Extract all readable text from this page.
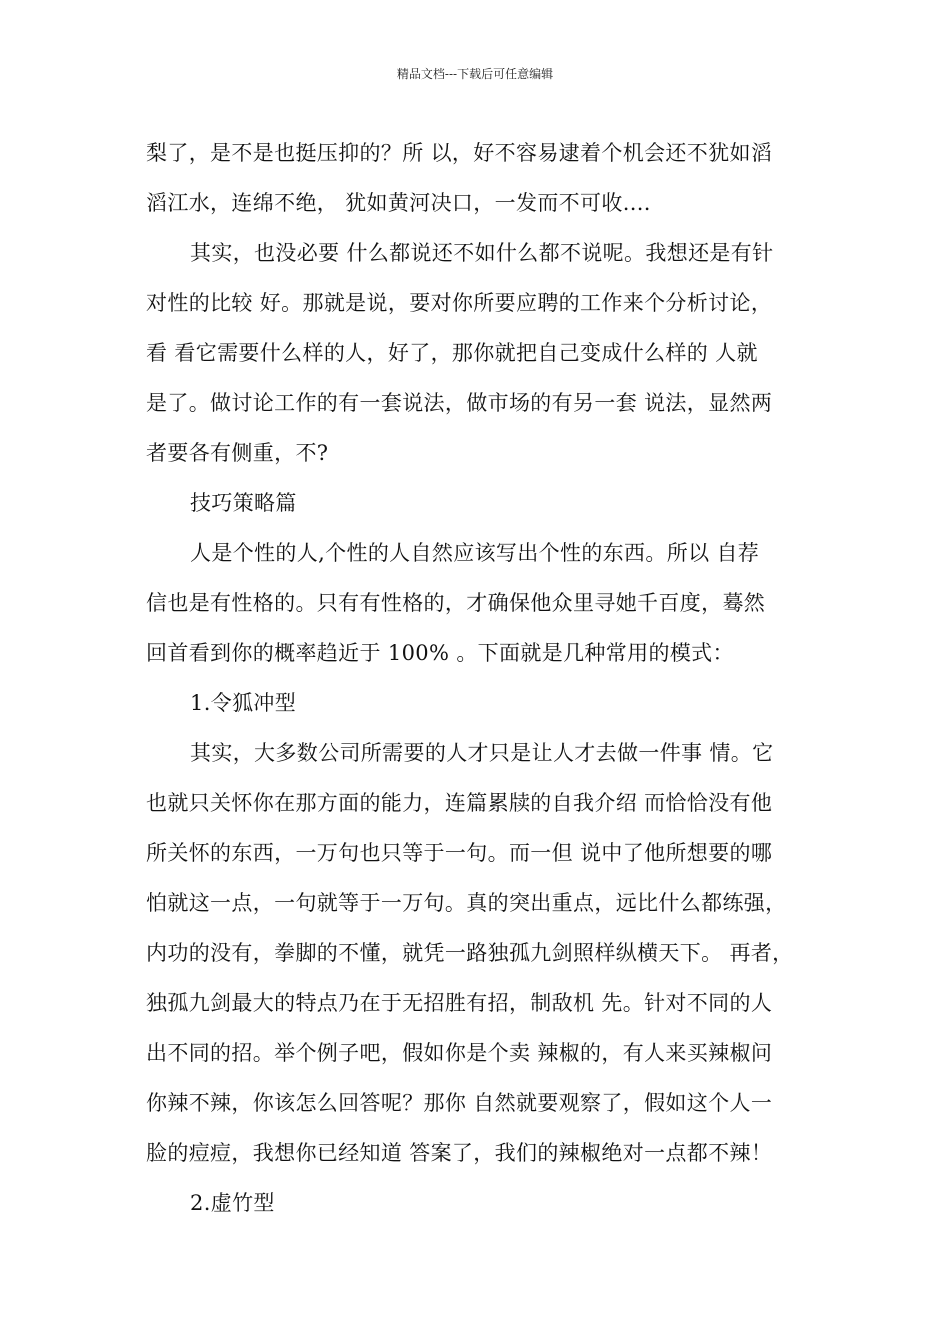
精品文档---下载后可任意编辑
梨了，是不是也挺压抑的？所 以，好不容易逮着个机会还不犹如滔
滔江水，连绵不绝， 犹如黄河决口，一发而不可收....
其实，也没必要 什么都说还不如什么都不说呢。我想还是有针
对性的比较 好。那就是说，要对你所要应聘的工作来个分析讨论，
看 看它需要什么样的人，好了，那你就把自己变成什么样的 人就
是了。做讨论工作的有一套说法，做市场的有另一套 说法，显然两
者要各有侧重，不?
技巧策略篇
人是个性的人,个性的人自然应该写出个性的东西。所以 自荐
信也是有性格的。只有有性格的，才确保他众里寻她千百度，蓦然
回首看到你的概率趋近于 100% 。下面就是几种常用的模式：
1.令狐冲型
其实，大多数公司所需要的人才只是让人才去做一件事 情。它
也就只关怀你在那方面的能力，连篇累牍的自我介绍 而恰恰没有他
所关怀的东西，一万句也只等于一句。而一但 说中了他所想要的哪
怕就这一点，一句就等于一万句。真的突出重点，远比什么都练强，
内功的没有，拳脚的不懂，就凭一路独孤九剑照样纵横天下。 再者，
独孤九剑最大的特点乃在于无招胜有招，制敌机 先。针对不同的人
出不同的招。举个例子吧，假如你是个卖 辣椒的，有人来买辣椒问
你辣不辣，你该怎么回答呢？那你 自然就要观察了，假如这个人一
脸的痘痘，我想你已经知道 答案了，我们的辣椒绝对一点都不辣！
2.虚竹型
